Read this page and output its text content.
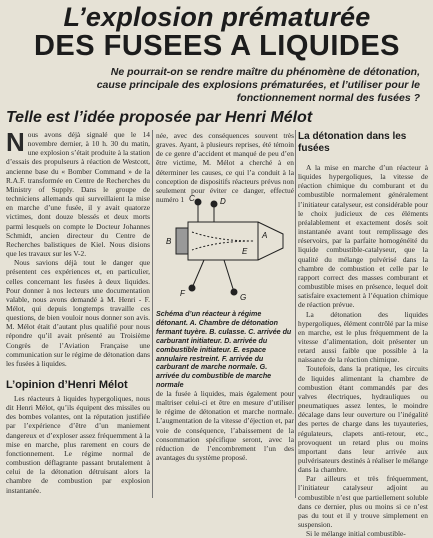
L’explosion prématurée
DES FUSEES A LIQUIDES
Ne pourrait-on se rendre maître du phénomène de détonation, cause principale des explosions prématurées, et l’utiliser pour le fonctionnement normal des fusées ?
Telle est l’idée proposée par Henri Mélot
N ous avons déjà signalé que le 14 novembre dernier, à 10 h. 30 du matin, une explosion s’était produite à la station d’essais des propulseurs à réaction de Westcott, ancienne base du « Bomber Command » de la R.A.F. transformée en Centre de Recherches du Ministry of Supply. Dans le groupe de techniciens allemands qui surveillaient la mise en marche d’une fusée, il y avait quatorze victimes, dont douze blessés et deux morts parmi lesquels on compte le Docteur Johannes Schmidt, ancien directeur du Centre de Recherches balistiques de Kiel. Nous disions que les travaux sur les V-2.

Nous savions déjà tout le danger que présentent ces expériences et, en particulier, celles concernant les fusées à deux liquides. Pour donner à nos lecteurs une documentation valable, nous avons demandé à M. Henri - F. Mélot, qui depuis longtemps travaille ces questions, de bien vouloir nous donner son avis. M. Mélot était d’autant plus qualifié pour nous répondre qu’il avait présenté au Troisième Congrès de l’Aviation Française une communication sur le régime de détonation dans les fusées à liquides.

L’opinion d’Henri Mélot

Les réacteurs à liquides hypergoliques, nous dit Henri Mélot, qu’ils équipent des missiles ou des bombes volantes, ont la réputation justifiée par l’expérience d’être d’un maniement dangereux et d’exploser assez fréquemment à la mise en marche, plus rarement en cours de fonctionnement. Le régime normal de combustion déflagrante passant brutalement à celui de la détonation détruisant alors la chambre de combustion par explosion instantanée.

née, avec des conséquences souvent très graves. Ayant, à plusieurs reprises, été témoin de ce genre d’accident et manqué de peu d’en être victime, M. Mélot a cherché à en déterminer les causes, ce qui l’a conduit à la conception de dispositifs réacteurs prévus non seulement pour éviter ce danger, effectué numéro 1

A
B
C	D
E
F	G
Schéma d’un réacteur à régime détonant. A. Chambre de détonation fermant tuyère. B. culasse. C. arrivée du carburant initiateur. D. arrivée du combustible initiateur. E. espace annulaire restreint. F. arrivée du carburant de marche normale. G. arrivée du combustible de marche normale

de la fusée à liquides, mais également pour maîtriser celui-ci et être en mesure d’utiliser le régime de détonation et marche normale. L’augmentation de la vitesse d’éjection et, par voie de conséquence, l’abaissement de la consommation spécifique seront, avec la réduction de l’encombrement l’un des avantages du système proposé.

La détonation dans les fusées

A la mise en marche d’un réacteur à liquides hypergoliques, la vitesse de réaction chimique du comburant et du combustible normalement généralement l’initiateur catalyseur, est considérable pour le choix judicieux de ces éléments préalablement et exactement dosés soit instantanée avant tout remplissage des réservoirs, par la parfaite homogénéité du liquide combustible-catalyseur, que la qualité du mélange pulvérisé dans la chambre de combustion et celle par le rapport correct des masses comburant et combustible mises en présence, lequel doit satisfaire exactement à l’équation chimique de réaction prévue.

La détonation des liquides hypergoliques, élément contrôlé par la mise en marche, est le plus fréquemment de la vitesse d’alimentation, doit présenter un retard aussi faible que possible à la naissance de la réaction chimique.

Toutefois, dans la pratique, les circuits de liquides alimentant la chambre de combustion étant commandés par des valves électriques, hydrauliques ou pneumatiques assez lentes, le moindre décalage dans leur ouverture ou l’inégalité des pertes de charge dans les tuyauteries, régulateurs, clapets anti-retour, etc., provoquent un retard plus ou moins important dans leur arrivée aux pulvérisateurs destinés à réaliser le mélange dans la chambre.

Par ailleurs et très fréquemment, l’initiateur catalyseur adjoint au combustible n’est que partiellement soluble dans ce dernier, plus ou moins si ce n’est pas du tout et il y trouve simplement en suspension.

Si le mélange initial combustible-
